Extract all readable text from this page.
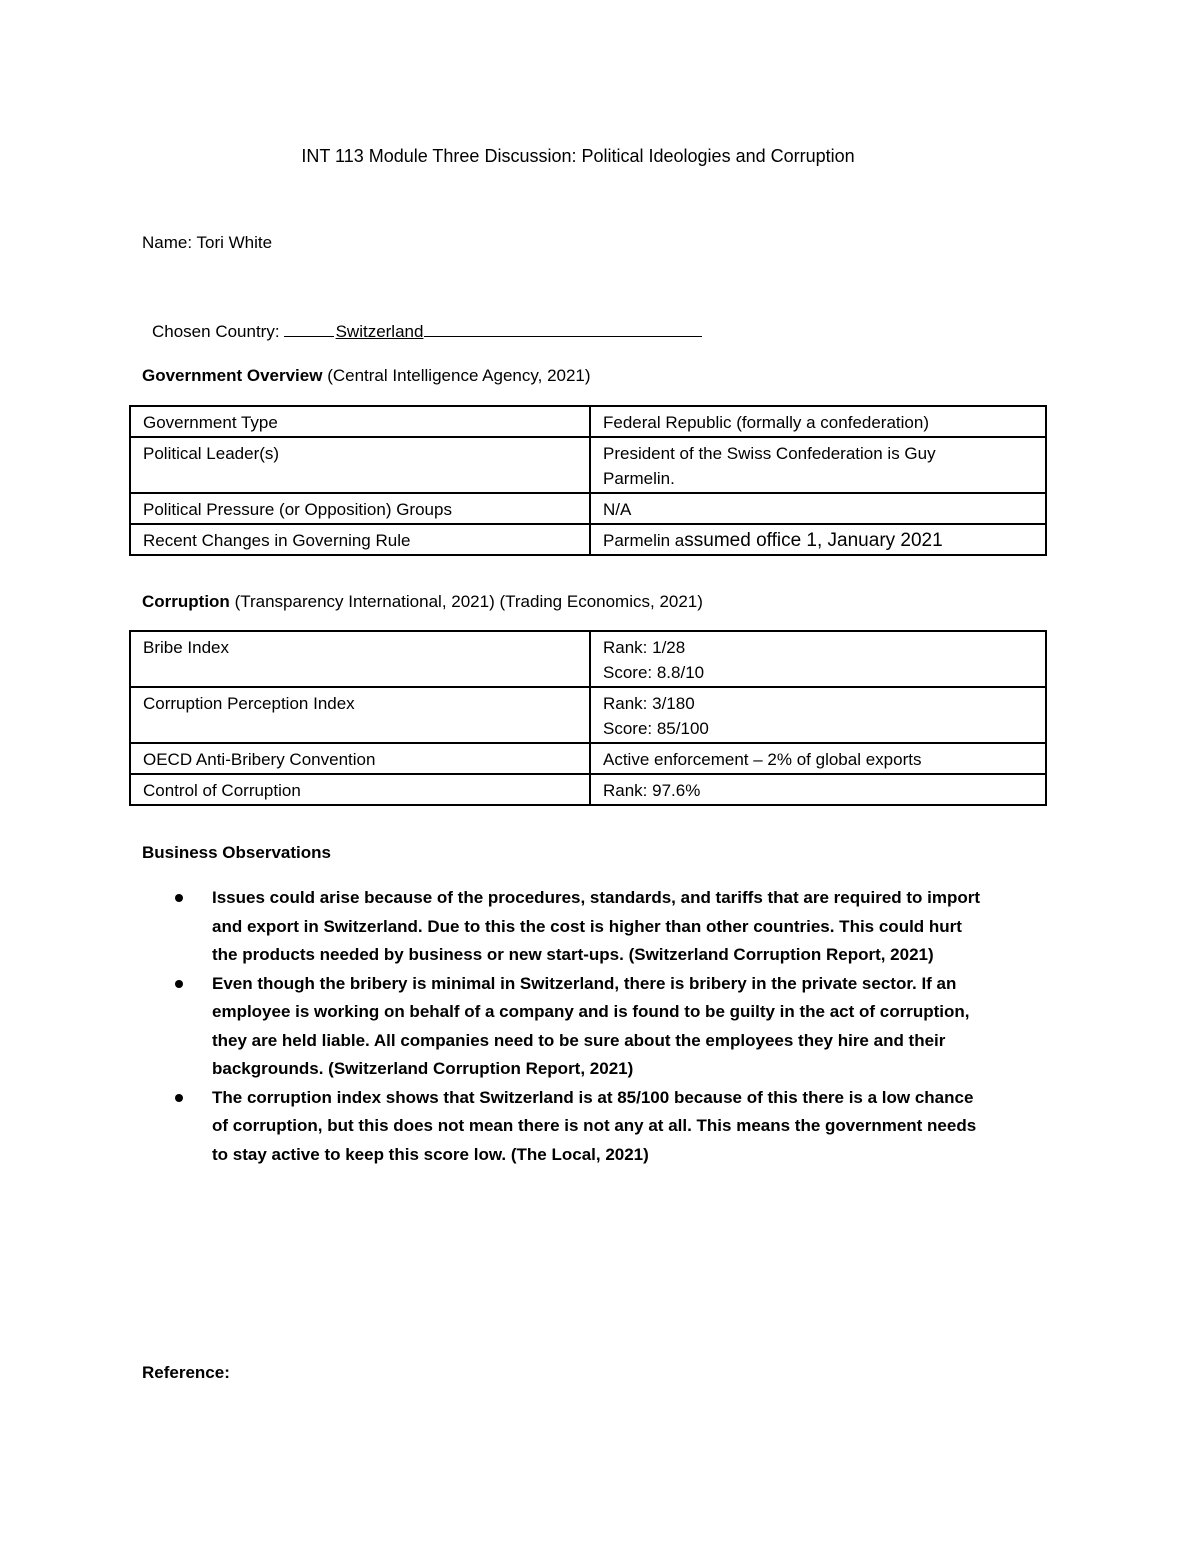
INT 113 Module Three Discussion: Political Ideologies and Corruption
Name: Tori White
Chosen Country:	Switzerland
Government Overview (Central Intelligence Agency, 2021)
Government Type	Federal Republic (formally a confederation)

Political Leader(s)	President of the Swiss Confederation is Guy
Parmelin.

Political Pressure (or Opposition) Groups	N/A

Recent Changes in Governing Rule	Parmelin assumed office 1, January 2021
Corruption (Transparency International, 2021) (Trading Economics, 2021)
Bribe Index	Rank: 1/28
Score: 8.8/10

Corruption Perception Index	Rank: 3/180
Score: 85/100

OECD Anti-Bribery Convention	Active enforcement – 2% of global exports

Control of Corruption	Rank: 97.6%
Business Observations
Issues could arise because of the procedures, standards, and tariffs that are required to import
and export in Switzerland. Due to this the cost is higher than other countries. This could hurt
the products needed by business or new start-ups. (Switzerland Corruption Report, 2021)
Even though the bribery is minimal in Switzerland, there is bribery in the private sector. If an
employee is working on behalf of a company and is found to be guilty in the act of corruption,
they are held liable. All companies need to be sure about the employees they hire and their
backgrounds. (Switzerland Corruption Report, 2021)
The corruption index shows that Switzerland is at 85/100 because of this there is a low chance
of corruption, but this does not mean there is not any at all. This means the government needs
to stay active to keep this score low. (The Local, 2021)
Reference:
